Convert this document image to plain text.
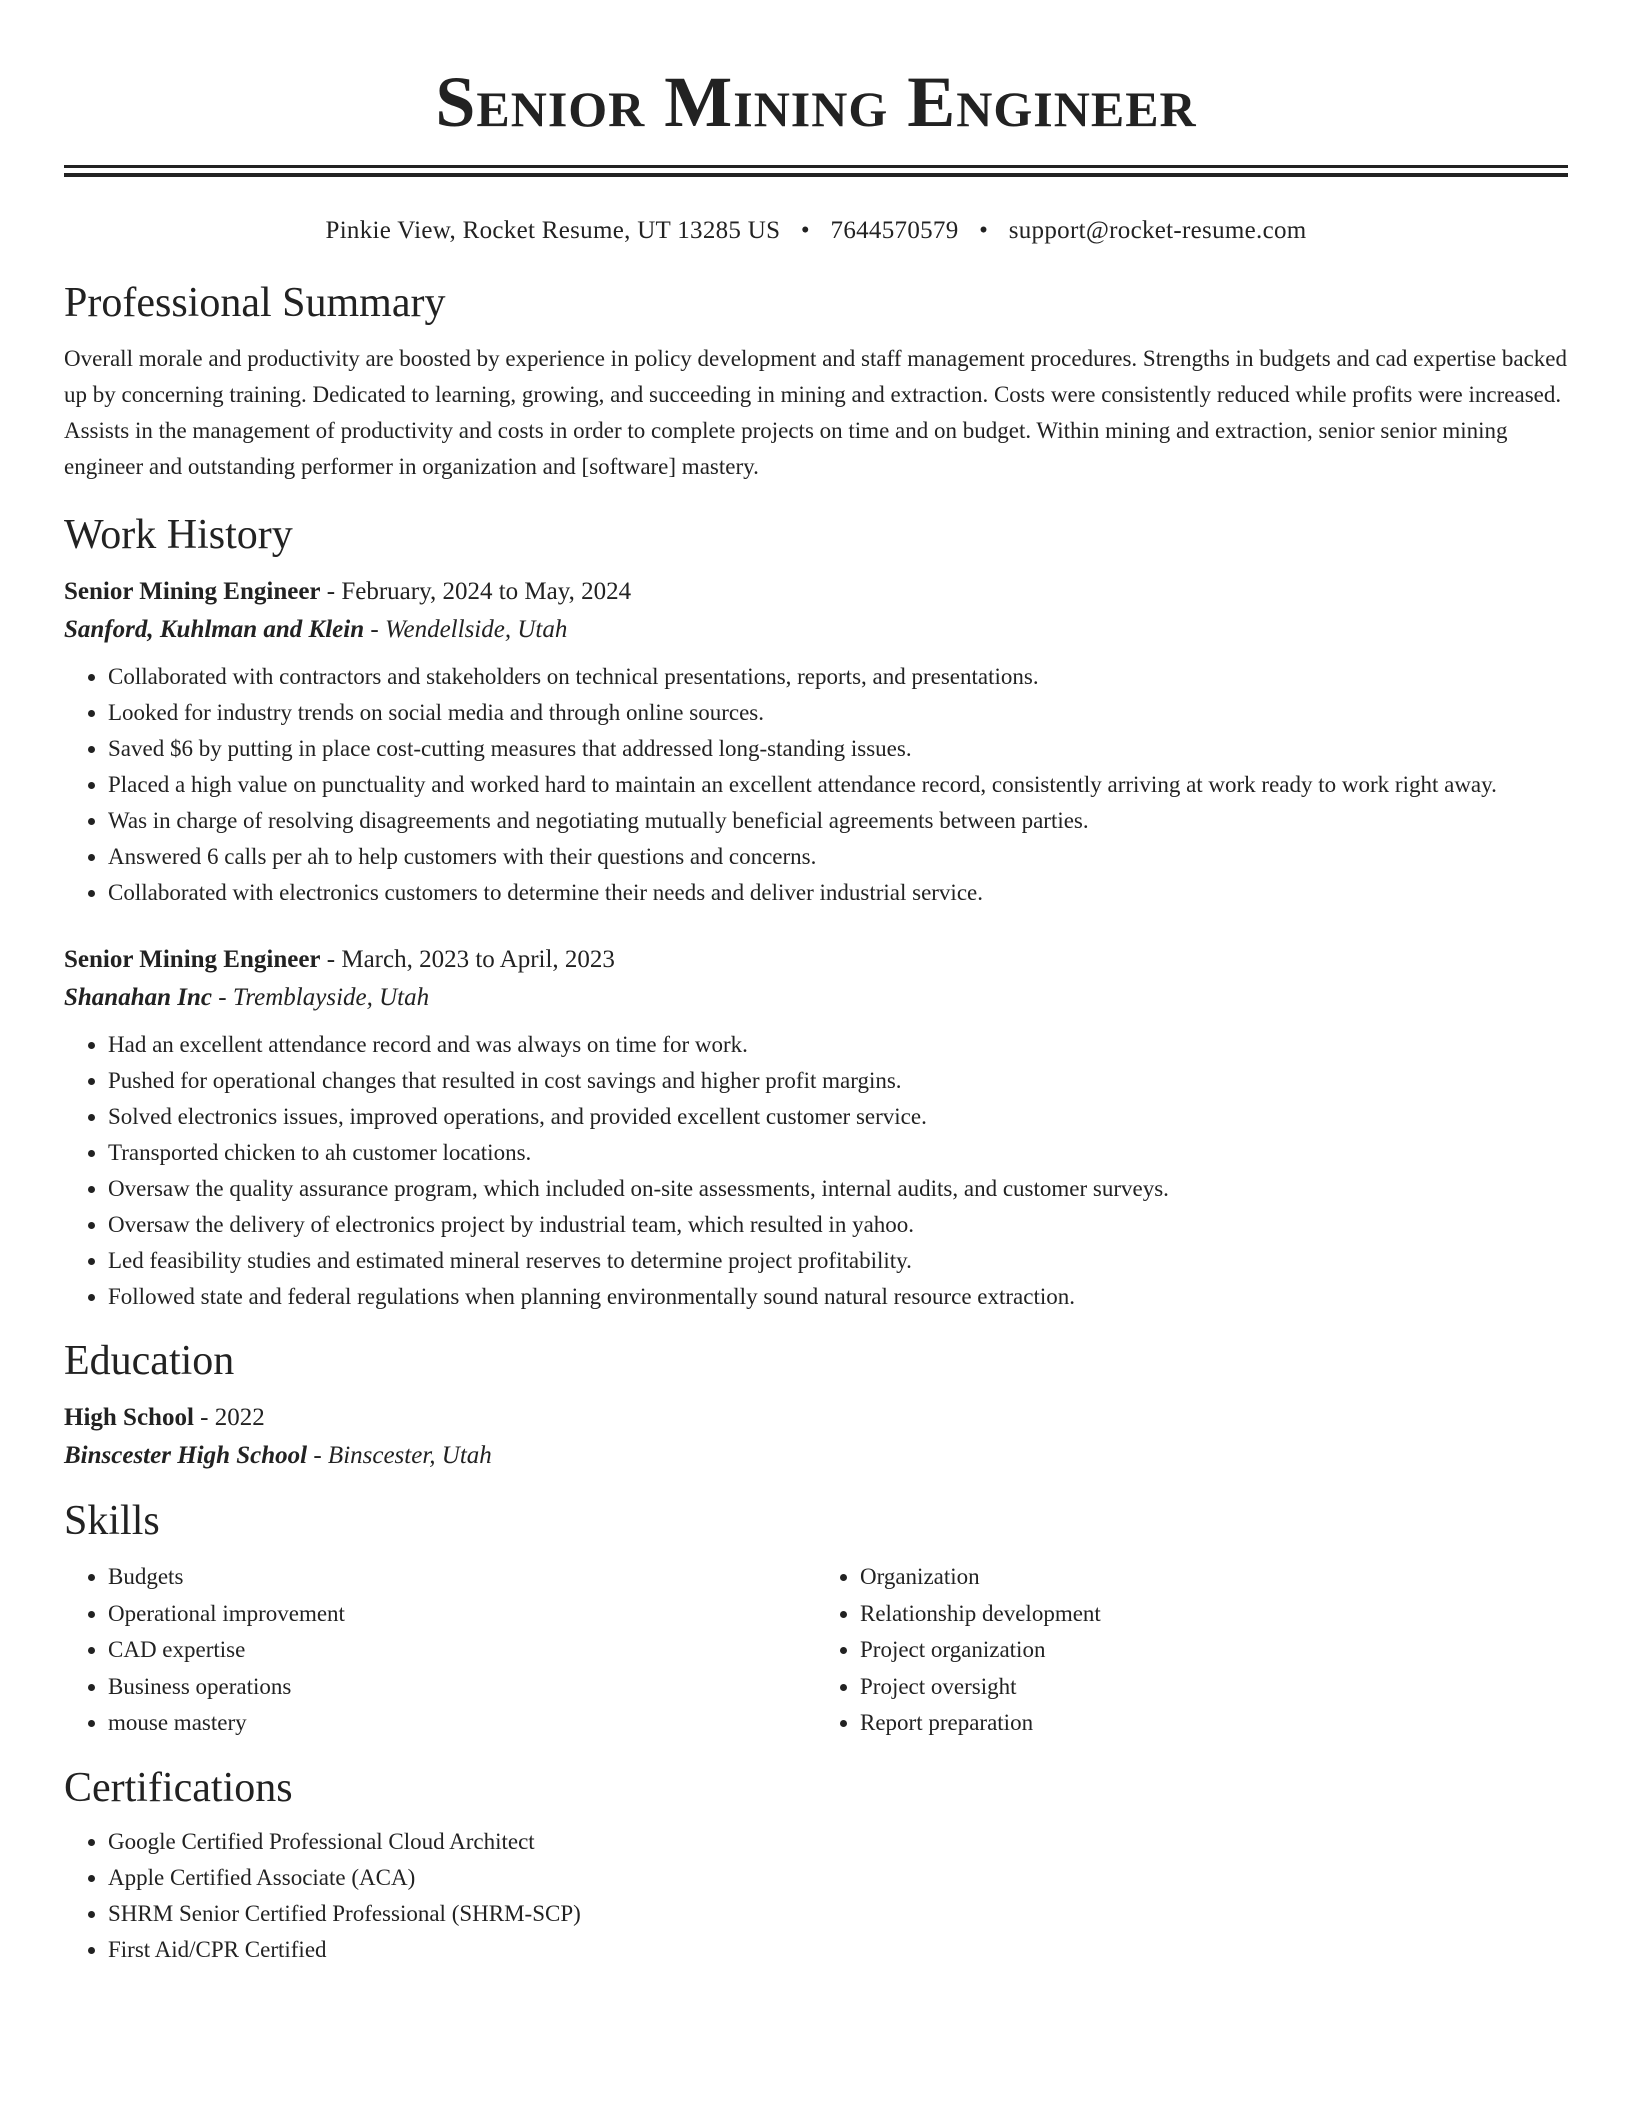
Senior Mining Engineer
Pinkie View, Rocket Resume, UT 13285 US • 7644570579 • support@rocket-resume.com
Professional Summary

Overall morale and productivity are boosted by experience in policy development and staff management procedures. Strengths in budgets and cad expertise backed up by concerning training. Dedicated to learning, growing, and succeeding in mining and extraction. Costs were consistently reduced while profits were increased. Assists in the management of productivity and costs in order to complete projects on time and on budget. Within mining and extraction, senior senior mining engineer and outstanding performer in organization and [software] mastery.

Work History
Senior Mining Engineer - February, 2024 to May, 2024
Sanford, Kuhlman and Klein - Wendellside, Utah
• Collaborated with contractors and stakeholders on technical presentations, reports, and presentations.
• Looked for industry trends on social media and through online sources.
• Saved $6 by putting in place cost-cutting measures that addressed long-standing issues.
• Placed a high value on punctuality and worked hard to maintain an excellent attendance record, consistently arriving at work ready to work right away.
• Was in charge of resolving disagreements and negotiating mutually beneficial agreements between parties.
• Answered 6 calls per ah to help customers with their questions and concerns.
• Collaborated with electronics customers to determine their needs and deliver industrial service.
Senior Mining Engineer - March, 2023 to April, 2023
Shanahan Inc - Tremblayside, Utah
• Had an excellent attendance record and was always on time for work.
• Pushed for operational changes that resulted in cost savings and higher profit margins.
• Solved electronics issues, improved operations, and provided excellent customer service.
• Transported chicken to ah customer locations.
• Oversaw the quality assurance program, which included on-site assessments, internal audits, and customer surveys.
• Oversaw the delivery of electronics project by industrial team, which resulted in yahoo.
• Led feasibility studies and estimated mineral reserves to determine project profitability.
• Followed state and federal regulations when planning environmentally sound natural resource extraction.
Education
High School - 2022
Binscester High School - Binscester, Utah
Skills
• Budgets
• Operational improvement
• CAD expertise
• Business operations
• mouse mastery
• Organization
• Relationship development
• Project organization
• Project oversight
• Report preparation
Certifications
• Google Certified Professional Cloud Architect
• Apple Certified Associate (ACA)
• SHRM Senior Certified Professional (SHRM-SCP)
• First Aid/CPR Certified
